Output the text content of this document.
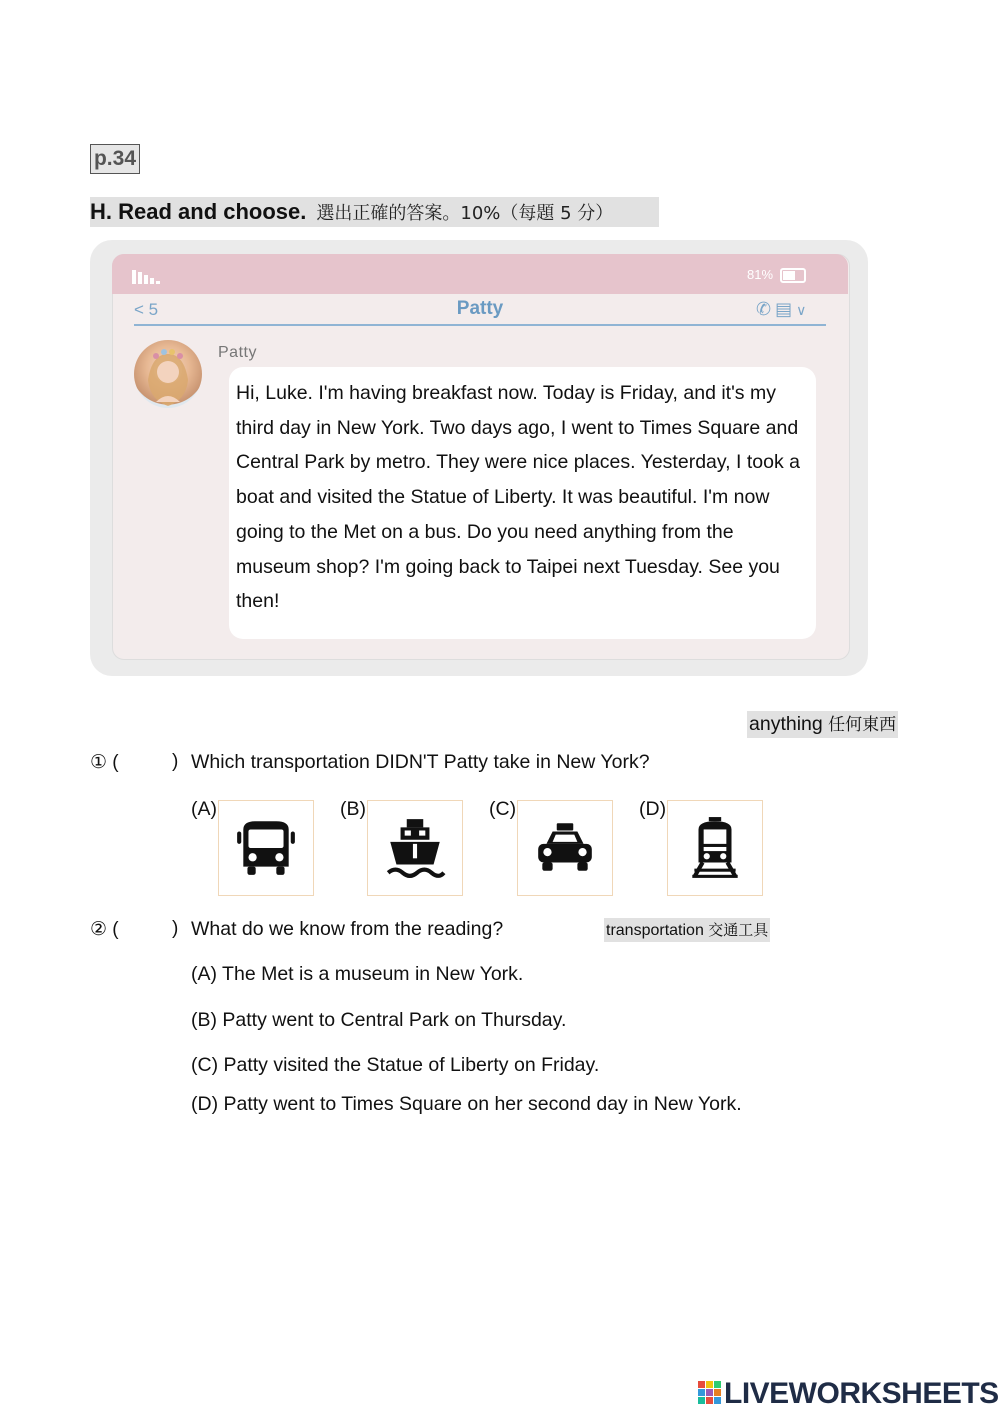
p.34
H. Read and choose. 選出正確的答案。10%（每題 5 分）
81%
< 5	Patty	✆▤∨
Patty
Hi, Luke. I'm having breakfast now. Today is Friday, and it's my third day in New York. Two days ago, I went to Times Square and Central Park by metro. They were nice places. Yesterday, I took a boat and visited the Statue of Liberty. It was beautiful. I'm now going to the Met on a bus. Do you need anything from the museum shop? I'm going back to Taipei next Tuesday. See you then!
anything 任何東西
① (	) Which transportation DIDN'T Patty take in New York?
(A)	(B)	(C)	(D)
② (	) What do we know from the reading?	transportation 交通工具
(A) The Met is a museum in New York.
(B) Patty went to Central Park on Thursday.
(C) Patty visited the Statue of Liberty on Friday.
(D) Patty went to Times Square on her second day in New York.
LIVEWORKSHEETS
